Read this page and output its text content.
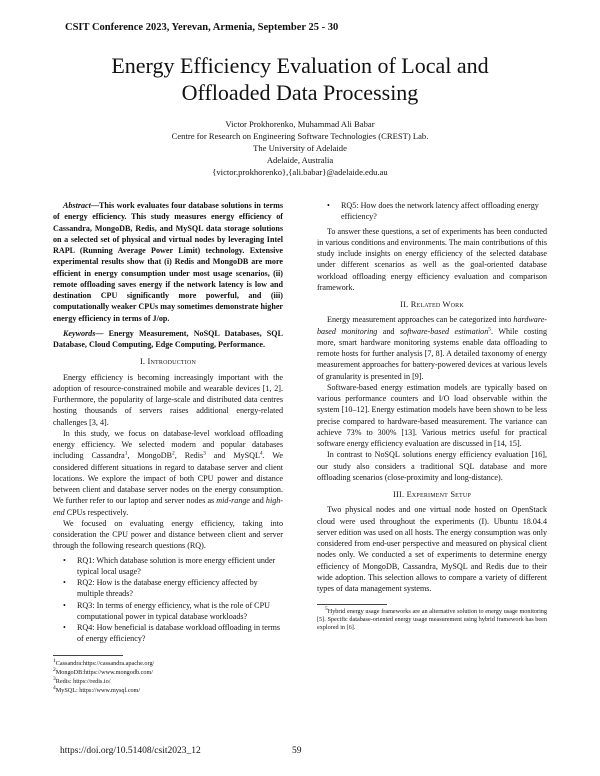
CSIT Conference 2023, Yerevan, Armenia, September 25 - 30
Energy Efficiency Evaluation of Local and
Offloaded Data Processing
Victor Prokhorenko, Muhammad Ali Babar
Centre for Research on Engineering Software Technologies (CREST) Lab.
The University of Adelaide
Adelaide, Australia
{victor.prokhorenko},{ali.babar}@adelaide.edu.au

Abstract—This work evaluates four database solutions in terms of energy efficiency. This study measures energy efficiency of Cassandra, MongoDB, Redis, and MySQL data storage solutions on a selected set of physical and virtual nodes by leveraging Intel RAPL (Running Average Power Limit) technology. Extensive experimental results show that (i) Redis and MongoDB are more efficient in energy consumption under most usage scenarios, (ii) remote offloading saves energy if the network latency is low and destination CPU significantly more powerful, and (iii) computationally weaker CPUs may sometimes demonstrate higher energy efficiency in terms of J/op.

Keywords— Energy Measurement, NoSQL Databases, SQL Database, Cloud Computing, Edge Computing, Performance.

I. Introduction

Energy efficiency is becoming increasingly important with the adoption of resource-constrained mobile and wearable devices [1, 2]. Furthermore, the popularity of large-scale and distributed data centres hosting thousands of servers raises additional energy-related challenges [3, 4].

In this study, we focus on database-level workload offloading energy efficiency. We selected modern and popular databases including Cassandra$^1$, MongoDB$^2$, Redis$^3$ and MySQL$^4$. We considered different situations in regard to database server and client locations. We explore the impact of both CPU power and distance between client and database server nodes on the energy consumption. We further refer to our laptop and server nodes as mid-range and high-end CPUs respectively.

We focused on evaluating energy efficiency, taking into consideration the CPU power and distance between client and server through the following research questions (RQ).

• RQ1: Which database solution is more energy efficient under typical local usage?
• RQ2: How is the database energy efficiency affected by multiple threads?
• RQ3: In terms of energy efficiency, what is the role of CPU computational power in typical database workloads?
• RQ4: How beneficial is database workload offloading in terms of energy efficiency?
$^1$Cassandra:https://cassandra.apache.org/
$^2$MongoDB:https://www.mongodb.com/
$^3$Redis: https://redis.io/
$^4$MySQL: https://www.mysql.com/
• RQ5: How does the network latency affect offloading energy efficiency?

To answer these questions, a set of experiments has been conducted in various conditions and environments. The main contributions of this study include insights on energy efficiency of the selected database under different scenarios as well as the goal-oriented database workload offloading energy efficiency evaluation and comparison framework.

II. Related Work

Energy measurement approaches can be categorized into hardware-based monitoring and software-based estimation$^5$. While costing more, smart hardware monitoring systems enable data offloading to remote hosts for further analysis [7, 8]. A detailed taxonomy of energy measurement approaches for battery-powered devices at various levels of granularity is presented in [9].

Software-based energy estimation models are typically based on various performance counters and I/O load observable within the system [10–12]. Energy estimation models have been shown to be less precise compared to hardware-based measurement. The variance can achieve 73% to 300% [13]. Various metrics useful for practical software energy efficiency evaluation are discussed in [14, 15].

In contrast to NoSQL solutions energy efficiency evaluation [16], our study also considers a traditional SQL database and more offloading scenarios (close-proximity and long-distance).

III. Experiment Setup

Two physical nodes and one virtual node hosted on OpenStack cloud were used throughout the experiments (I). Ubuntu 18.04.4 server edition was used on all hosts. The energy consumption was only considered from end-user perspective and measured on physical client nodes only. We conducted a set of experiments to determine energy efficiency of MongoDB, Cassandra, MySQL and Redis due to their wide adoption. This selection allows to compare a variety of different types of data management systems.

$^5$Hybrid energy usage frameworks are an alternative solution to energy usage monitoring [5]. Specific database-oriented energy usage measurement using hybrid framework has been explored in [6].
https://doi.org/10.51408/csit2023_12	59
